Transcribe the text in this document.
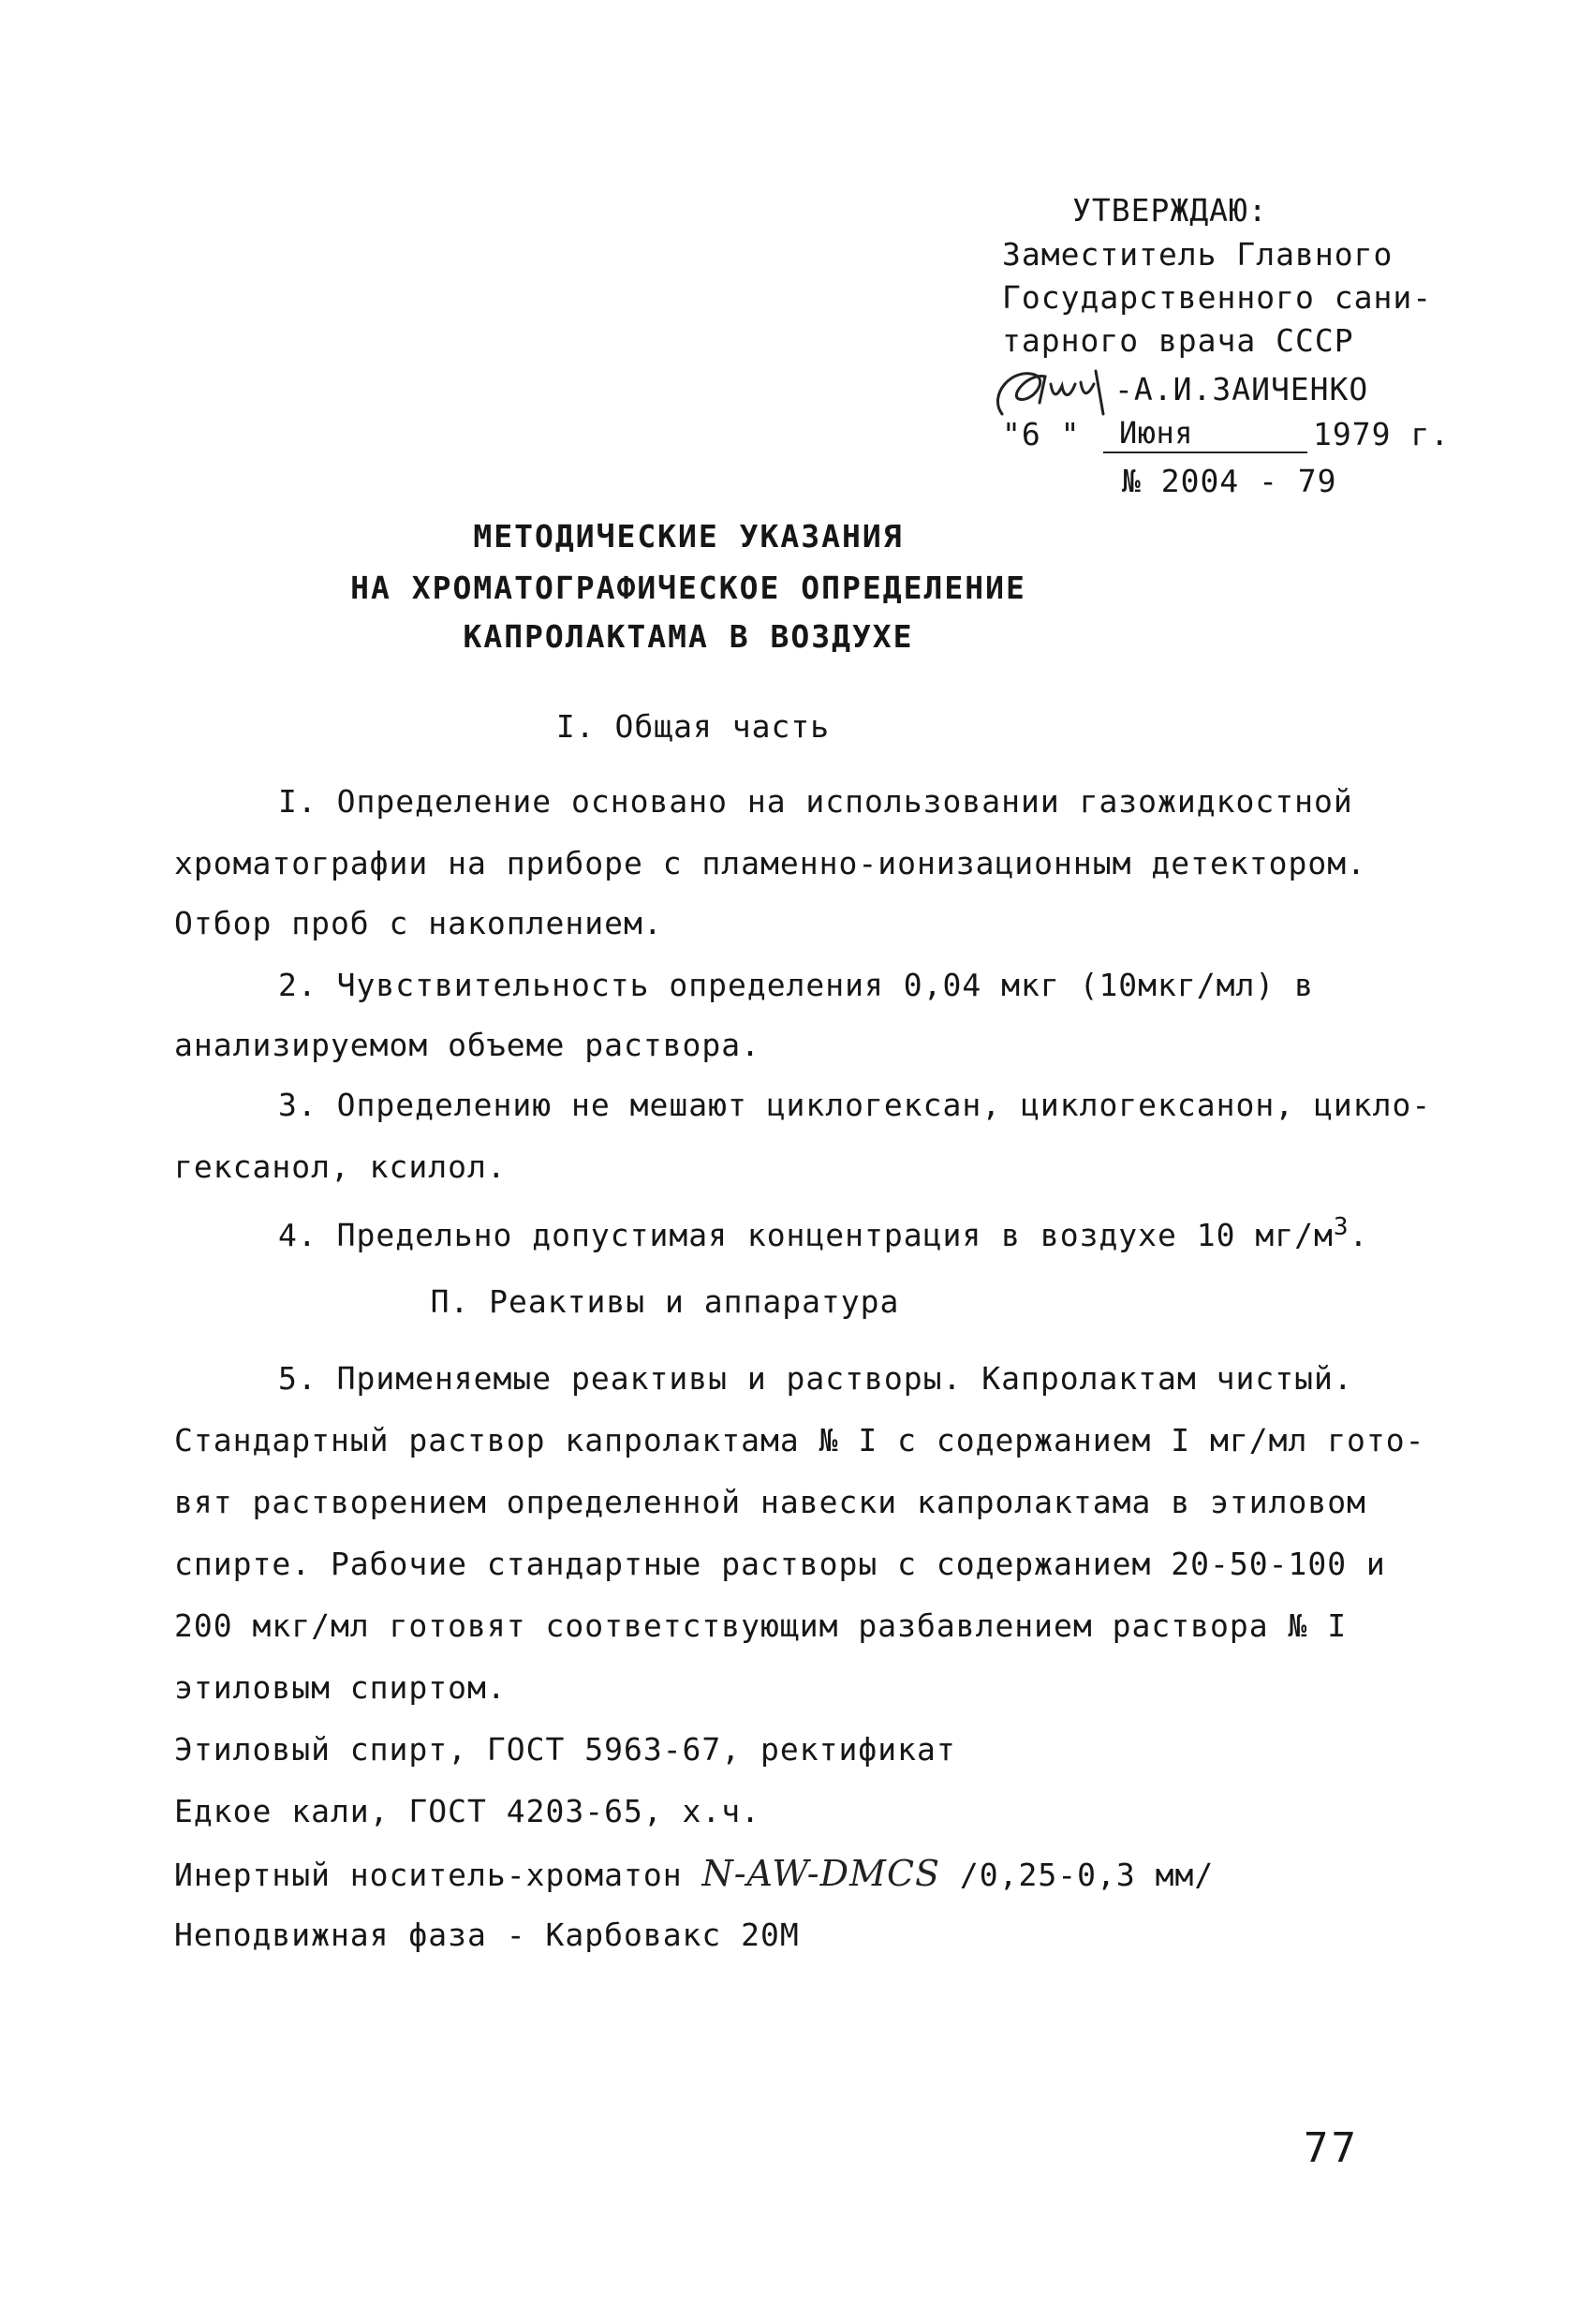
УТВЕРЖДАЮ:
Заместитель Главного
Государственного сани-
тарного врача СССР
-А.И.ЗАИЧЕНКО
"6 " Июня	1979 г.
№ 2004 - 79
МЕТОДИЧЕСКИЕ УКАЗАНИЯ
НА ХРОМАТОГРАФИЧЕСКОЕ ОПРЕДЕЛЕНИЕ
КАПРОЛАКТАМА В ВОЗДУХЕ
I. Общая часть
I. Определение основано на использовании газожидкостной
хроматографии на приборе с пламенно-ионизационным детектором.
Отбор проб с накоплением.
2. Чувствительность определения 0,04 мкг (10мкг/мл) в
анализируемом объеме раствора.
3. Определению не мешают циклогексан, циклогексанон, цикло-
гексанол, ксилол.
4. Предельно допустимая концентрация в воздухе 10 $мг/м^3$.
П. Реактивы и аппаратура
5. Применяемые реактивы и растворы. Капролактам чистый.
Стандартный раствор капролактама № I с содержанием I мг/мл гото-
вят растворением определенной навески капролактама в этиловом
спирте. Рабочие стандартные растворы с содержанием 20-50-100 и
200 мкг/мл готовят соответствующим разбавлением раствора № I
этиловым спиртом.
Этиловый спирт, ГОСТ 5963-67, ректификат
Едкое кали, ГОСТ 4203-65, х.ч.
Инертный носитель-хроматон N-AW-DMCS /0,25-0,3 мм/
Неподвижная фаза - Карбовакс 20М
77
